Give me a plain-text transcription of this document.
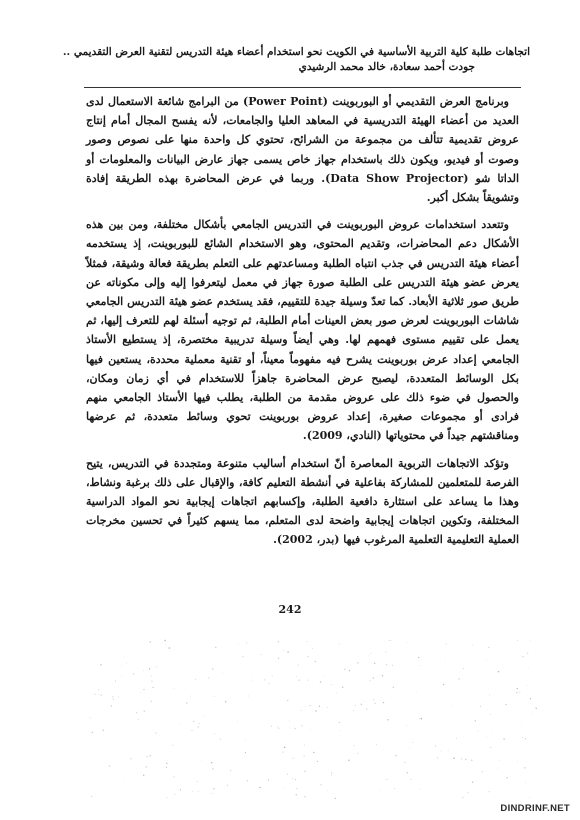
اتجاهات طلبة كلية التربية الأساسية في الكويت نحو استخدام أعضاء هيئة التدريس لتقنية العرض التقديمي ..
جودت أحمد سعادة، خالد محمد الرشيدي

وبرنامج العرض التقديمي أو البوربوينت (Power Point) من البرامج شائعة الاستعمال لدى العديد من أعضاء الهيئة التدريسية في المعاهد العليا والجامعات، لأنه يفسح المجال أمام إنتاج عروض تقديمية تتألف من مجموعة من الشرائح، تحتوي كل واحدة منها على نصوص وصور وصوت أو فيديو، ويكون ذلك باستخدام جهاز خاص يسمى جهاز عارض البيانات والمعلومات أو الداتا شو (Data Show Projector). وربما في عرض المحاضرة بهذه الطريقة إفادة وتشويقاً بشكل أكبر.

وتتعدد استخدامات عروض البوربوينت في التدريس الجامعي بأشكال مختلفة، ومن بين هذه الأشكال دعم المحاضرات، وتقديم المحتوى، وهو الاستخدام الشائع للبوربوينت، إذ يستخدمه أعضاء هيئة التدريس في جذب انتباه الطلبة ومساعدتهم على التعلم بطريقة فعالة وشيقة، فمثلاً يعرض عضو هيئة التدريس على الطلبة صورة جهاز في معمل ليتعرفوا إليه وإلى مكوناته عن طريق صور ثلاثية الأبعاد. كما تعدّ وسيلة جيدة للتقييم، فقد يستخدم عضو هيئة التدريس الجامعي شاشات البوربوينت لعرض صور بعض العينات أمام الطلبة، ثم توجيه أسئلة لهم للتعرف إليها، ثم يعمل على تقييم مستوى فهمهم لها. وهي أيضاً وسيلة تدريبية مختصرة، إذ يستطيع الأستاذ الجامعي إعداد عرض بوربوينت يشرح فيه مفهوماً معيناً، أو تقنية معملية محددة، يستعين فيها بكل الوسائط المتعددة، ليصبح عرض المحاضرة جاهزاً للاستخدام في أي زمان ومكان، والحصول في ضوء ذلك على عروض مقدمة من الطلبة، يطلب فيها الأستاذ الجامعي منهم فرادى أو مجموعات صغيرة، إعداد عروض بوربوينت تحوي وسائط متعددة، ثم عرضها ومناقشتهم جيداً في محتوياتها (النادي، 2009).

وتؤكد الاتجاهات التربوية المعاصرة أنّ استخدام أساليب متنوعة ومتجددة في التدريس، يتيح الفرصة للمتعلمين للمشاركة بفاعلية في أنشطة التعليم كافة، والإقبال على ذلك برغبة ونشاط، وهذا ما يساعد على استثارة دافعية الطلبة، وإكسابهم اتجاهات إيجابية نحو المواد الدراسية المختلفة، وتكوين اتجاهات إيجابية واضحة لدى المتعلم، مما يسهم كثيراً في تحسين مخرجات العملية التعليمية التعلمية المرغوب فيها (بدر، 2002).

242
DINDRINF.NET
